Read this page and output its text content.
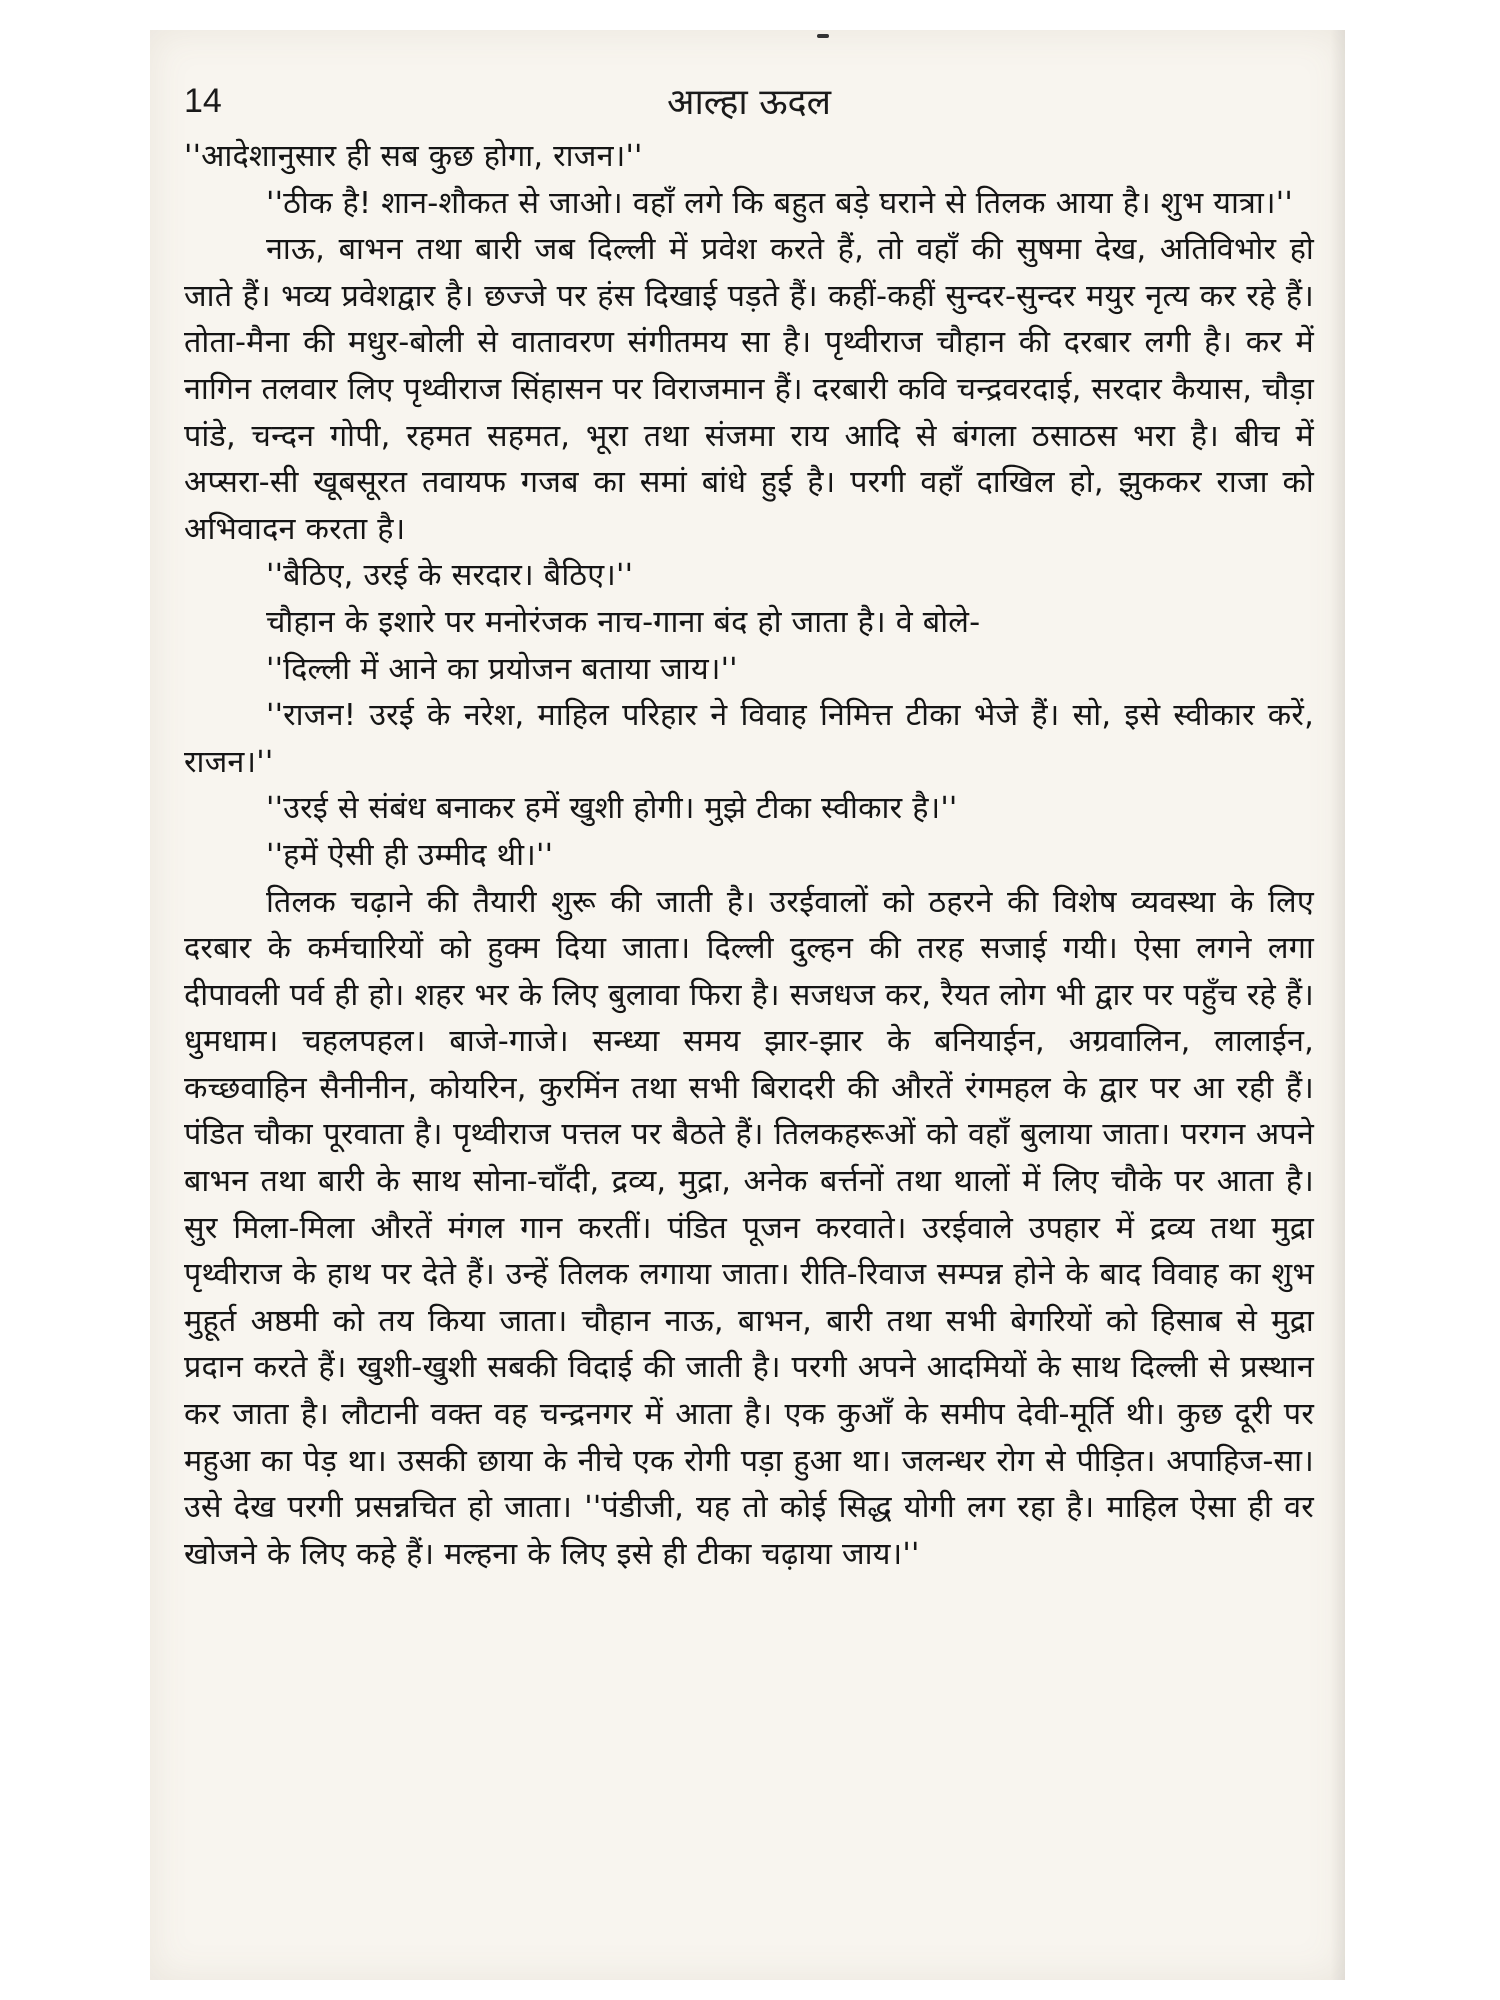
14	आल्हा ऊदल

''आदेशानुसार ही सब कुछ होगा, राजन।''

''ठीक है! शान-शौकत से जाओ। वहाँ लगे कि बहुत बड़े घराने से तिलक आया है। शुभ यात्रा।''

नाऊ, बाभन तथा बारी जब दिल्ली में प्रवेश करते हैं, तो वहाँ की सुषमा देख, अतिविभोर हो जाते हैं। भव्य प्रवेशद्वार है। छज्जे पर हंस दिखाई पड़ते हैं। कहीं-कहीं सुन्दर-सुन्दर मयुर नृत्य कर रहे हैं। तोता-मैना की मधुर-बोली से वातावरण संगीतमय सा है। पृथ्वीराज चौहान की दरबार लगी है। कर में नागिन तलवार लिए पृथ्वीराज सिंहासन पर विराजमान हैं। दरबारी कवि चन्द्रवरदाई, सरदार कैयास, चौड़ा पांडे, चन्दन गोपी, रहमत सहमत, भूरा तथा संजमा राय आदि से बंगला ठसाठस भरा है। बीच में अप्सरा-सी खूबसूरत तवायफ गजब का समां बांधे हुई है। परगी वहाँ दाखिल हो, झुककर राजा को अभिवादन करता है।

''बैठिए, उरई के सरदार। बैठिए।''

चौहान के इशारे पर मनोरंजक नाच-गाना बंद हो जाता है। वे बोले-

''दिल्ली में आने का प्रयोजन बताया जाय।''

''राजन! उरई के नरेश, माहिल परिहार ने विवाह निमित्त टीका भेजे हैं। सो, इसे स्वीकार करें, राजन।''

''उरई से संबंध बनाकर हमें खुशी होगी। मुझे टीका स्वीकार है।''

''हमें ऐसी ही उम्मीद थी।''

तिलक चढ़ाने की तैयारी शुरू की जाती है। उरईवालों को ठहरने की विशेष व्यवस्था के लिए दरबार के कर्मचारियों को हुक्म दिया जाता। दिल्ली दुल्हन की तरह सजाई गयी। ऐसा लगने लगा दीपावली पर्व ही हो। शहर भर के लिए बुलावा फिरा है। सजधज कर, रैयत लोग भी द्वार पर पहुँच रहे हैं। धुमधाम। चहलपहल। बाजे-गाजे। सन्ध्या समय झार-झार के बनियाईन, अग्रवालिन, लालाईन, कच्छवाहिन सैनीनीन, कोयरिन, कुरमिंन तथा सभी बिरादरी की औरतें रंगमहल के द्वार पर आ रही हैं। पंडित चौका पूरवाता है। पृथ्वीराज पत्तल पर बैठते हैं। तिलकहरूओं को वहाँ बुलाया जाता। परगन अपने बाभन तथा बारी के साथ सोना-चाँदी, द्रव्य, मुद्रा, अनेक बर्त्तनों तथा थालों में लिए चौके पर आता है। सुर मिला-मिला औरतें मंगल गान करतीं। पंडित पूजन करवाते। उरईवाले उपहार में द्रव्य तथा मुद्रा पृथ्वीराज के हाथ पर देते हैं। उन्हें तिलक लगाया जाता। रीति-रिवाज सम्पन्न होने के बाद विवाह का शुभ मुहूर्त अष्ठमी को तय किया जाता। चौहान नाऊ, बाभन, बारी तथा सभी बेगरियों को हिसाब से मुद्रा प्रदान करते हैं। खुशी-खुशी सबकी विदाई की जाती है। परगी अपने आदमियों के साथ दिल्ली से प्रस्थान कर जाता है। लौटानी वक्त वह चन्द्रनगर में आता है। एक कुआँ के समीप देवी-मूर्ति थी। कुछ दूरी पर महुआ का पेड़ था। उसकी छाया के नीचे एक रोगी पड़ा हुआ था। जलन्धर रोग से पीड़ित। अपाहिज-सा। उसे देख परगी प्रसन्नचित हो जाता। ''पंडीजी, यह तो कोई सिद्ध योगी लग रहा है। माहिल ऐसा ही वर खोजने के लिए कहे हैं। मल्हना के लिए इसे ही टीका चढ़ाया जाय।''
